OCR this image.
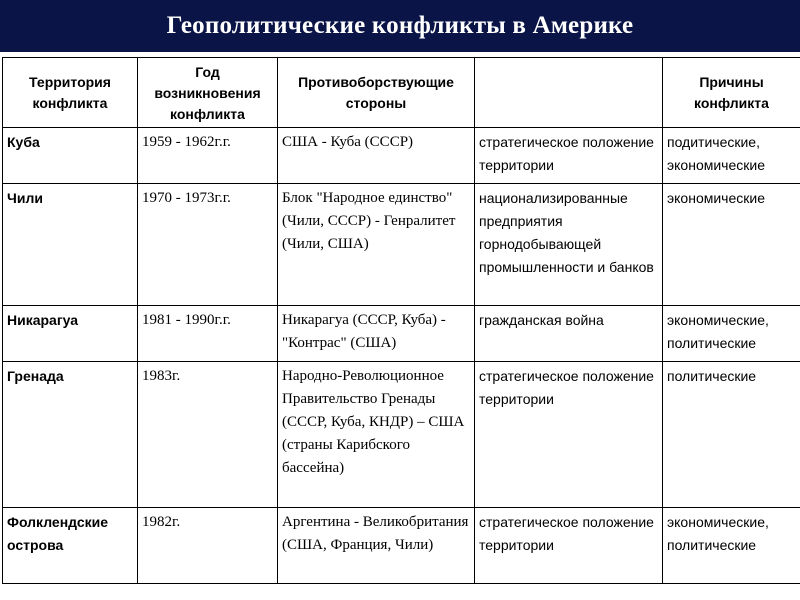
Геополитические конфликты в Америке
Территория конфликта	Год возникновения конфликта	Противоборствующие стороны		Причины конфликта
Куба	1959 - 1962г.г.	США - Куба (СССР)	стратегическое положение территории	подитические, экономические
Чили	1970 - 1973г.г.	Блок "Народное единство" (Чили, СССР) - Генралитет (Чили, США)	национализированные предприятия горнодобывающей промышленности и банков	экономические
Никарагуа	1981 - 1990г.г.	Никарагуа (СССР, Куба) - "Контрас" (США)	гражданская война	экономические, политические
Гренада	1983г.	Народно-Революционное Правительство Гренады (СССР, Куба, КНДР) – США (страны Карибского бассейна)	стратегическое положение территории	политические
Фолклендские острова	1982г.	Аргентина - Великобритания (США, Франция, Чили)	стратегическое положение территории	экономические, политические
